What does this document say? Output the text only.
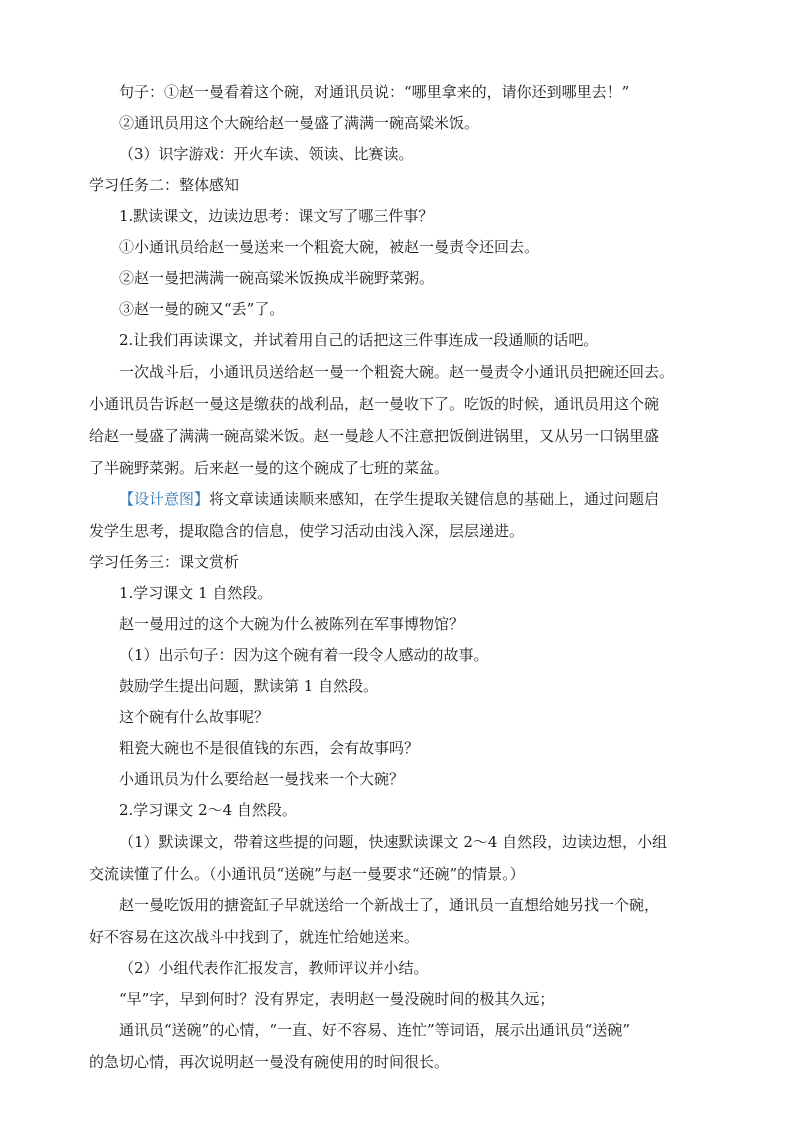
句子：①赵一曼看着这个碗，对通讯员说：“哪里拿来的，请你还到哪里去！”
②通讯员用这个大碗给赵一曼盛了满满一碗高粱米饭。
（3）识字游戏：开火车读、领读、比赛读。
学习任务二：整体感知
1.默读课文，边读边思考：课文写了哪三件事？
①小通讯员给赵一曼送来一个粗瓷大碗，被赵一曼责令还回去。
②赵一曼把满满一碗高粱米饭换成半碗野菜粥。
③赵一曼的碗又“丢”了。
2.让我们再读课文，并试着用自己的话把这三件事连成一段通顺的话吧。
一次战斗后，小通讯员送给赵一曼一个粗瓷大碗。赵一曼责令小通讯员把碗还回去。
小通讯员告诉赵一曼这是缴获的战利品，赵一曼收下了。吃饭的时候，通讯员用这个碗
给赵一曼盛了满满一碗高粱米饭。赵一曼趁人不注意把饭倒进锅里，又从另一口锅里盛
了半碗野菜粥。后来赵一曼的这个碗成了七班的菜盆。
【设计意图】将文章读通读顺来感知，在学生提取关键信息的基础上，通过问题启
发学生思考，提取隐含的信息，使学习活动由浅入深，层层递进。
学习任务三：课文赏析
1.学习课文 1 自然段。
赵一曼用过的这个大碗为什么被陈列在军事博物馆？
（1）出示句子：因为这个碗有着一段令人感动的故事。
鼓励学生提出问题，默读第 1 自然段。
这个碗有什么故事呢？
粗瓷大碗也不是很值钱的东西，会有故事吗？
小通讯员为什么要给赵一曼找来一个大碗？
2.学习课文 2～4 自然段。
（1）默读课文，带着这些提的问题，快速默读课文 2～4 自然段，边读边想，小组
交流读懂了什么。（小通讯员“送碗”与赵一曼要求“还碗”的情景。）
赵一曼吃饭用的搪瓷缸子早就送给一个新战士了，通讯员一直想给她另找一个碗，
好不容易在这次战斗中找到了，就连忙给她送来。
（2）小组代表作汇报发言，教师评议并小结。
“早”字，早到何时？没有界定，表明赵一曼没碗时间的极其久远；
通讯员“送碗”的心情，“一直、好不容易、连忙”等词语，展示出通讯员“送碗”
的急切心情，再次说明赵一曼没有碗使用的时间很长。
